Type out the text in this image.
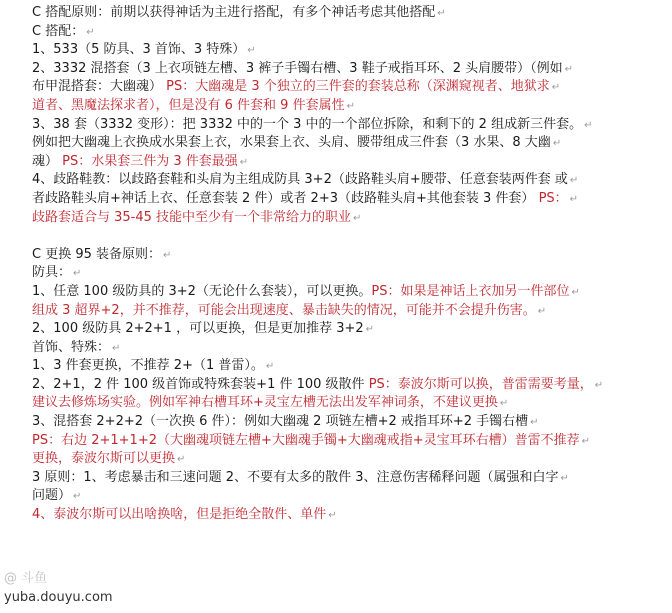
C 搭配原则：前期以获得神话为主进行搭配，有多个神话考虑其他搭配 ↵
C 搭配： ↵
1、533（5 防具、3 首饰、3 特殊） ↵
2、3332 混搭套（3 上衣项链左槽、3 裤子手镯右槽、3 鞋子戒指耳环、2 头肩腰带）（例如 ↵
布甲混搭套：大幽魂） PS：大幽魂是 3 个独立的三件套的套装总称（深渊窥视者、地狱求 ↵
道者、黑魔法探求者），但是没有 6 件套和 9 件套属性 ↵
3、38 套（3332 变形）：把 3332 中的一个 3 中的一个部位拆除，和剩下的 2 组成新三件套。 ↵
例如把大幽魂上衣换成水果套上衣，水果套上衣、头肩、腰带组成三件套（3 水果、8 大幽 ↵
魂） PS：水果套三件为 3 件套最强 ↵
4、歧路鞋教：以歧路套鞋和头肩为主组成防具 3+2（歧路鞋头肩+腰带、任意套装两件套 或 ↵
者歧路鞋头肩+神话上衣、任意套装 2 件）或者 2+3（歧路鞋头肩+其他套装 3 件套） PS： ↵
歧路套适合与 35-45 技能中至少有一个非常给力的职业 ↵
C 更换 95 装备原则： ↵
防具： ↵
1、任意 100 级防具的 3+2（无论什么套装），可以更换。PS：如果是神话上衣加另一件部位 ↵
组成 3 超界+2，并不推荐，可能会出现速度、暴击缺失的情况，可能并不会提升伤害。 ↵
2、100 级防具 2+2+1 ，可以更换，但是更加推荐 3+2 ↵
首饰、特殊： ↵
1、3 件套更换，不推荐 2+（1 普雷）。 ↵
2、2+1，2 件 100 级首饰或特殊套装+1 件 100 级散件 PS：泰波尔斯可以换，普雷需要考量， ↵
建议去修炼场实验。例如军神右槽耳环+灵宝左槽无法出发军神词条，不建议更换 ↵
3、混搭套 2+2+2（一次换 6 件）：例如大幽魂 2 项链左槽+2 戒指耳环+2 手镯右槽 ↵
PS：右边 2+1+1+2（大幽魂项链左槽+大幽魂手镯+大幽魂戒指+灵宝耳环右槽）普雷不推荐 ↵
更换，泰波尔斯可以更换 ↵
3 原则：1、考虑暴击和三速问题 2、不要有太多的散件 3、注意伤害稀释问题（属强和白字 ↵
问题） ↵
4、泰波尔斯可以出啥换啥，但是拒绝全散件、单件 ↵
@ 斗鱼
yuba.douyu.com
